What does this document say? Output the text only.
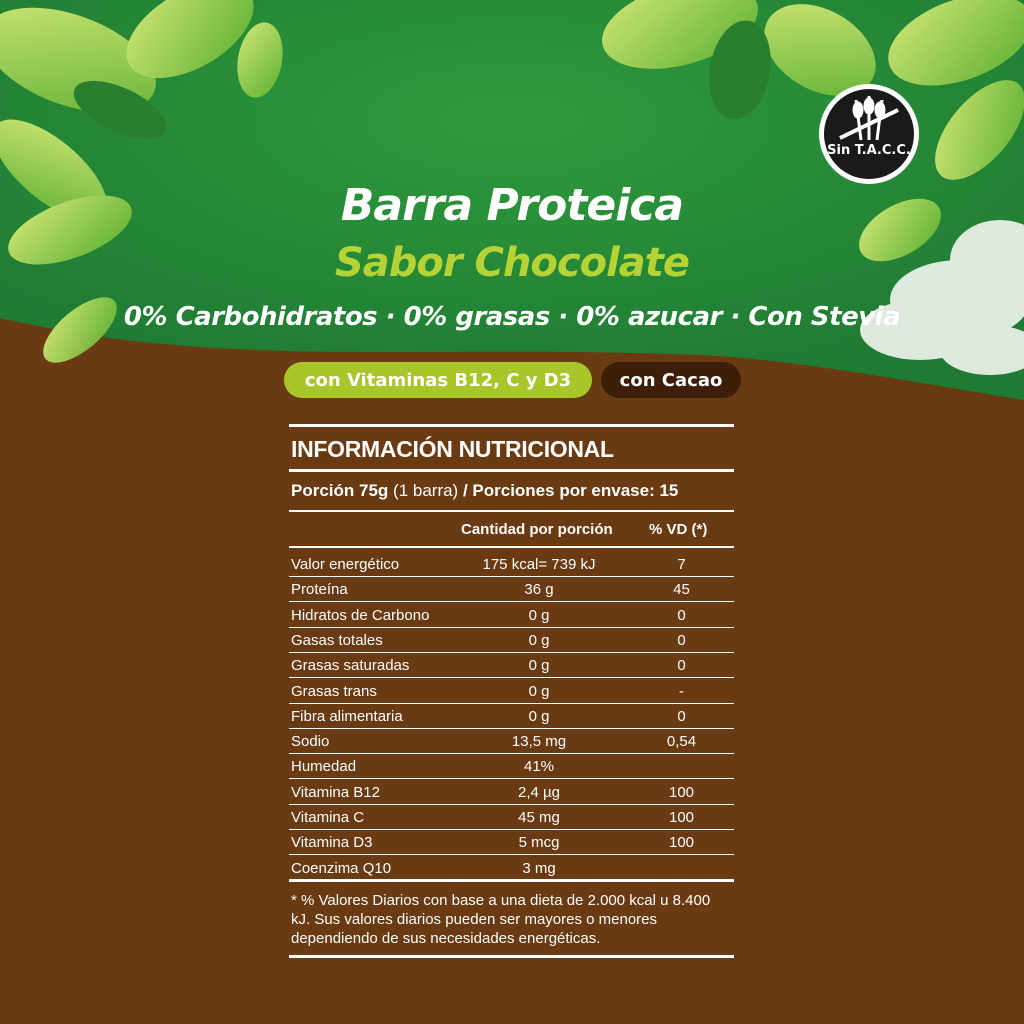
Sin T.A.C.C.
Barra Proteica
Sabor Chocolate
0% Carbohidratos · 0% grasas · 0% azucar · Con Stevia
con Vitaminas B12, C y D3	con Cacao
INFORMACIÓN NUTRICIONAL
Porción 75g (1 barra) / Porciones por envase: 15
Cantidad por porción % VD (*)
Valor energético	175 kcal= 739 kJ	7
Proteína	36 g	45
Hidratos de Carbono	0 g	0
Gasas totales	0 g	0
Grasas saturadas	0 g	0
Grasas trans	0 g	-
Fibra alimentaria	0 g	0
Sodio	13,5 mg	0,54
Humedad	41%
Vitamina B12	2,4 µg	100
Vitamina C	45 mg	100
Vitamina D3	5 mcg	100
Coenzima Q10	3 mg
* % Valores Diarios con base a una dieta de 2.000 kcal u 8.400 kJ. Sus valores diarios pueden ser mayores o menores dependiendo de sus necesidades energéticas.
